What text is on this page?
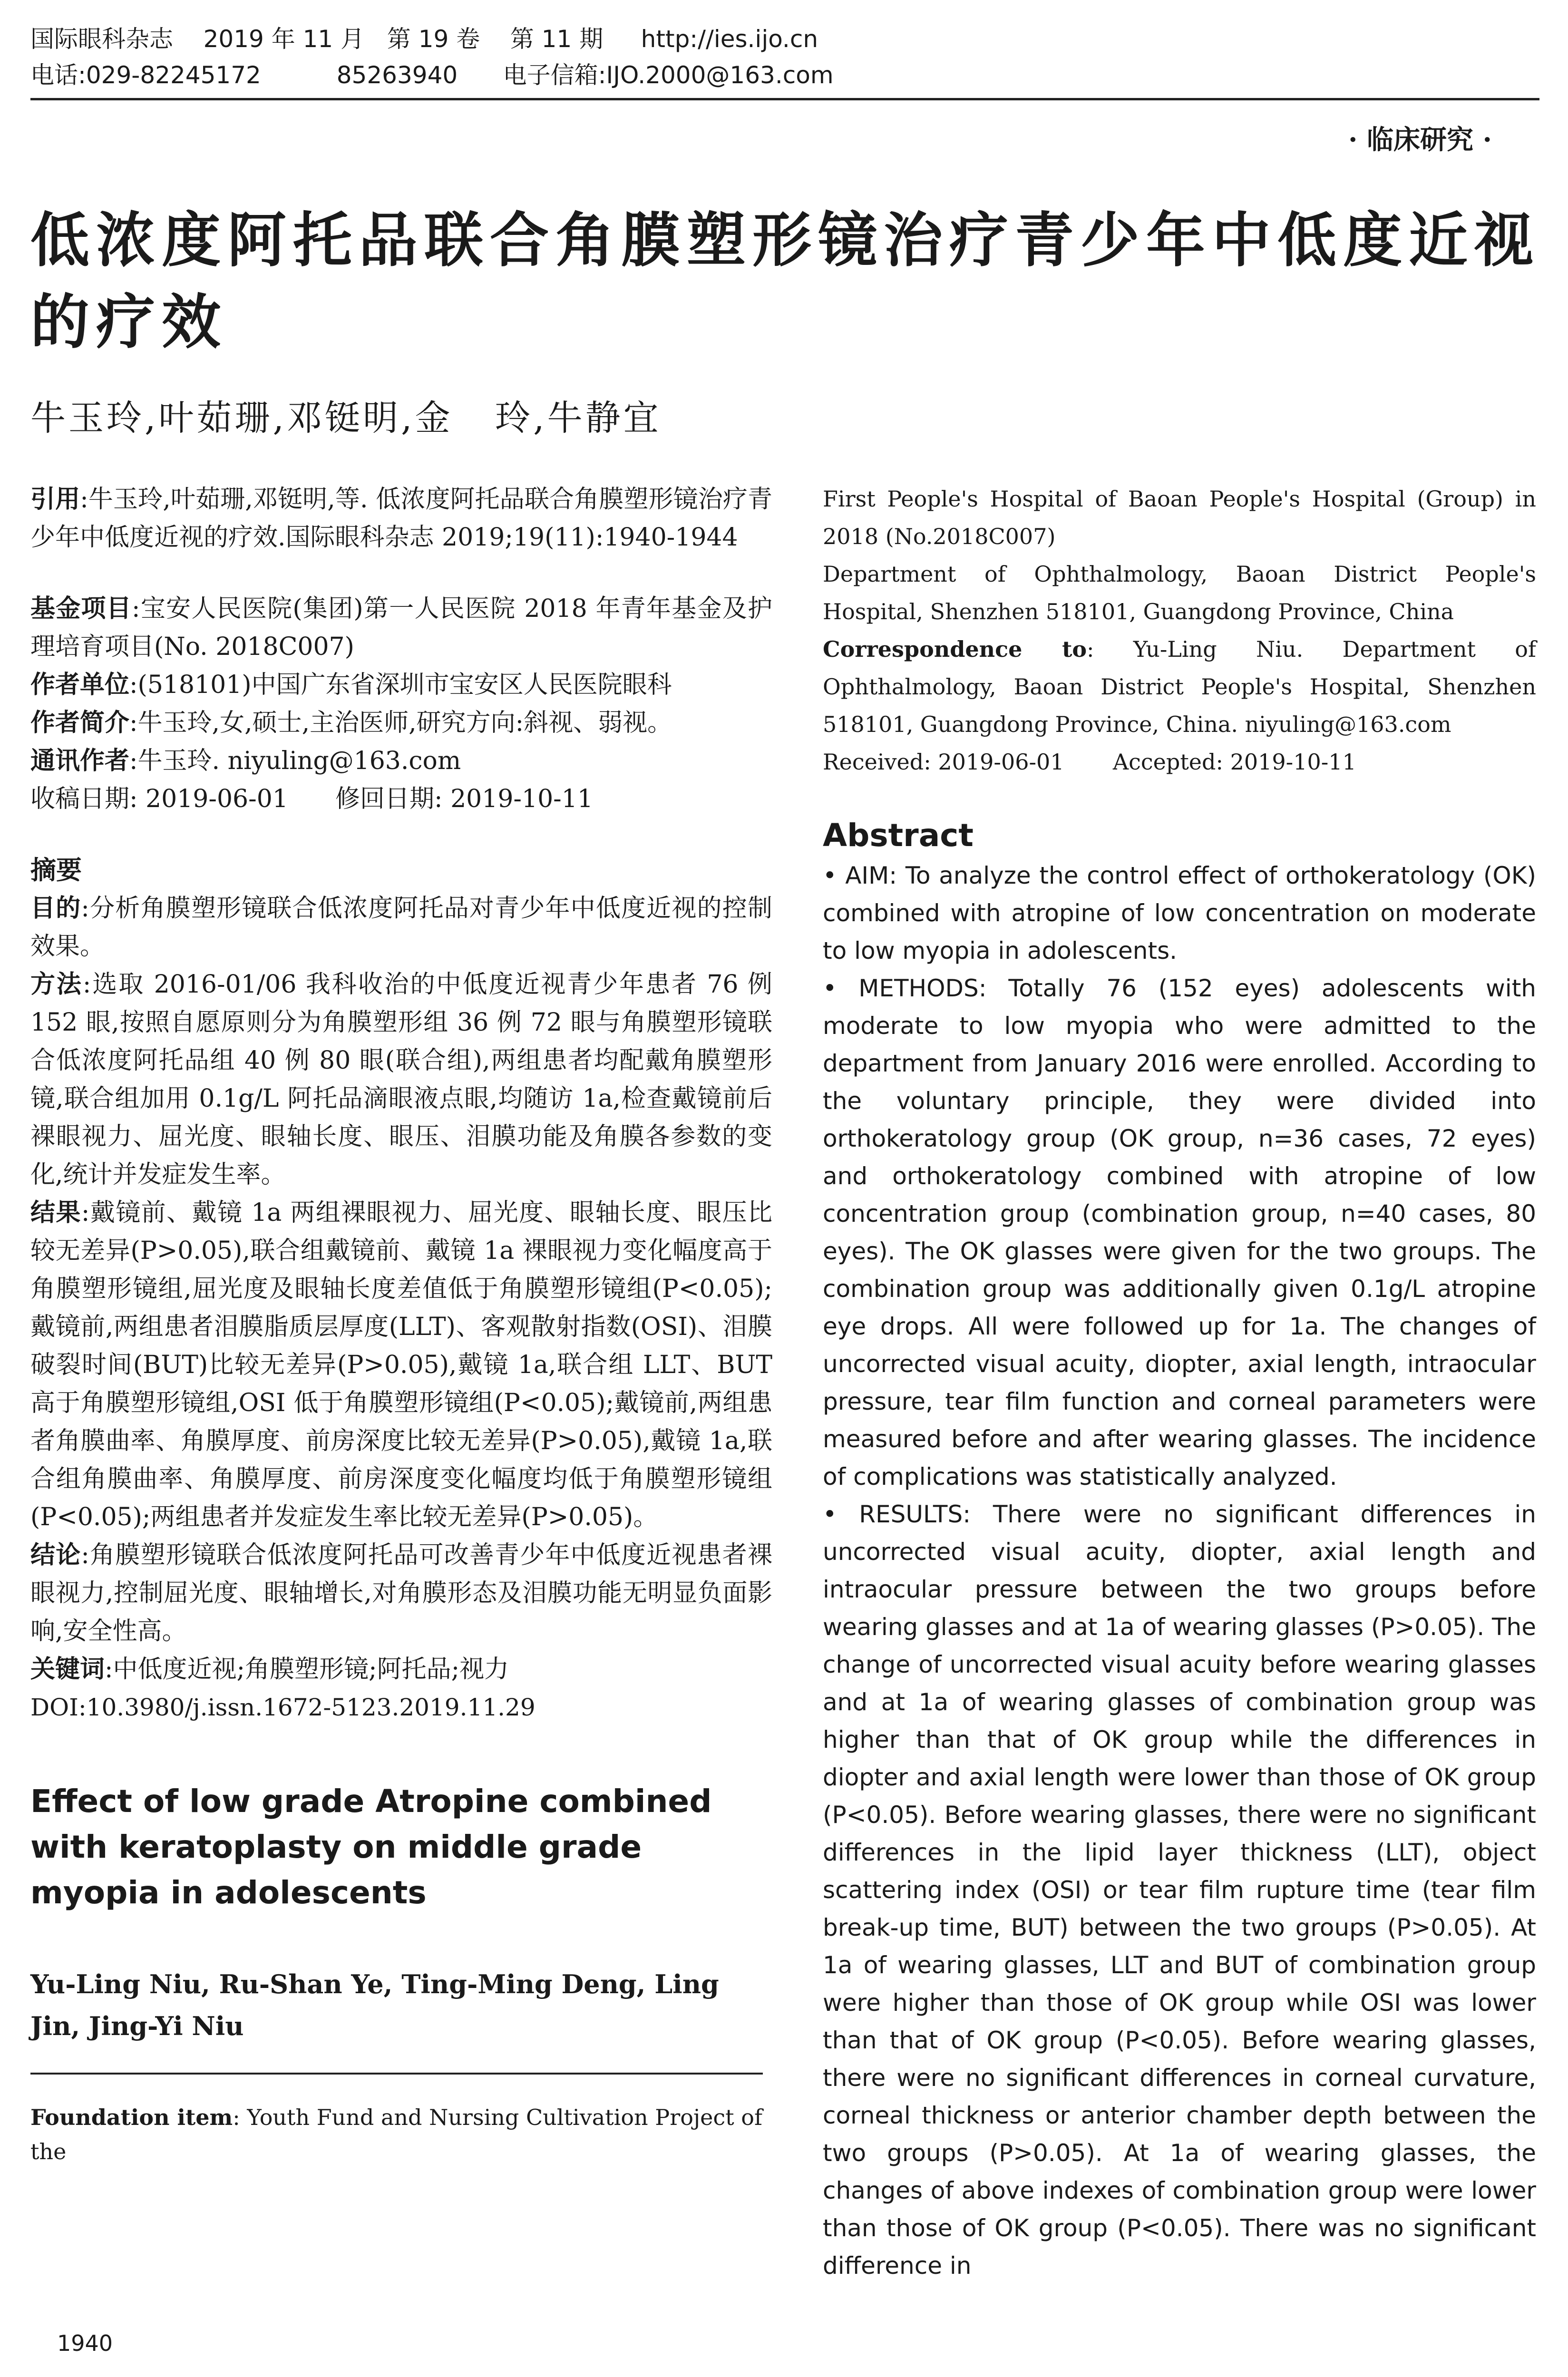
国际眼科杂志    2019 年 11 月   第 19 卷    第 11 期     http://ies.ijo.cn
电话:029-82245172          85263940      电子信箱:IJO.2000@163.com
· 临床研究 ·
低浓度阿托品联合角膜塑形镜治疗青少年中低度近视的疗效
牛玉玲,叶茹珊,邓铤明,金   玲,牛静宜

引用:牛玉玲,叶茹珊,邓铤明,等. 低浓度阿托品联合角膜塑形镜治疗青少年中低度近视的疗效.国际眼科杂志 2019;19(11):1940-1944

基金项目:宝安人民医院(集团)第一人民医院 2018 年青年基金及护理培育项目(No. 2018C007)

作者单位:(518101)中国广东省深圳市宝安区人民医院眼科

作者简介:牛玉玲,女,硕士,主治医师,研究方向:斜视、弱视。

通讯作者:牛玉玲. niyuling@163.com

收稿日期: 2019-06-01      修回日期: 2019-10-11

摘要

目的:分析角膜塑形镜联合低浓度阿托品对青少年中低度近视的控制效果。

方法:选取 2016-01/06 我科收治的中低度近视青少年患者 76 例 152 眼,按照自愿原则分为角膜塑形组 36 例 72 眼与角膜塑形镜联合低浓度阿托品组 40 例 80 眼(联合组),两组患者均配戴角膜塑形镜,联合组加用 0.1g/L 阿托品滴眼液点眼,均随访 1a,检查戴镜前后裸眼视力、屈光度、眼轴长度、眼压、泪膜功能及角膜各参数的变化,统计并发症发生率。

结果:戴镜前、戴镜 1a 两组裸眼视力、屈光度、眼轴长度、眼压比较无差异(P>0.05),联合组戴镜前、戴镜 1a 裸眼视力变化幅度高于角膜塑形镜组,屈光度及眼轴长度差值低于角膜塑形镜组(P<0.05);戴镜前,两组患者泪膜脂质层厚度(LLT)、客观散射指数(OSI)、泪膜破裂时间(BUT)比较无差异(P>0.05),戴镜 1a,联合组 LLT、BUT 高于角膜塑形镜组,OSI 低于角膜塑形镜组(P<0.05);戴镜前,两组患者角膜曲率、角膜厚度、前房深度比较无差异(P>0.05),戴镜 1a,联合组角膜曲率、角膜厚度、前房深度变化幅度均低于角膜塑形镜组(P<0.05);两组患者并发症发生率比较无差异(P>0.05)。

结论:角膜塑形镜联合低浓度阿托品可改善青少年中低度近视患者裸眼视力,控制屈光度、眼轴增长,对角膜形态及泪膜功能无明显负面影响,安全性高。

关键词:中低度近视;角膜塑形镜;阿托品;视力

DOI:10.3980/j.issn.1672-5123.2019.11.29

Effect of low grade Atropine combined with keratoplasty on middle grade myopia in adolescents

Yu-Ling Niu, Ru-Shan Ye, Ting-Ming Deng, Ling Jin, Jing-Yi Niu

Foundation item: Youth Fund and Nursing Cultivation Project of the

First People's Hospital of Baoan People's Hospital (Group) in 2018 (No.2018C007)

Department of Ophthalmology, Baoan District People's Hospital, Shenzhen 518101, Guangdong Province, China

Correspondence to: Yu-Ling Niu. Department of Ophthalmology, Baoan District People's Hospital, Shenzhen 518101, Guangdong Province, China. niyuling@163.com

Received: 2019-06-01       Accepted: 2019-10-11

Abstract

• AIM: To analyze the control effect of orthokeratology (OK) combined with atropine of low concentration on moderate to low myopia in adolescents.

• METHODS: Totally 76 (152 eyes) adolescents with moderate to low myopia who were admitted to the department from January 2016 were enrolled. According to the voluntary principle, they were divided into orthokeratology group (OK group, n=36 cases, 72 eyes) and orthokeratology combined with atropine of low concentration group (combination group, n=40 cases, 80 eyes). The OK glasses were given for the two groups. The combination group was additionally given 0.1g/L atropine eye drops. All were followed up for 1a. The changes of uncorrected visual acuity, diopter, axial length, intraocular pressure, tear film function and corneal parameters were measured before and after wearing glasses. The incidence of complications was statistically analyzed.

• RESULTS: There were no significant differences in uncorrected visual acuity, diopter, axial length and intraocular pressure between the two groups before wearing glasses and at 1a of wearing glasses (P>0.05). The change of uncorrected visual acuity before wearing glasses and at 1a of wearing glasses of combination group was higher than that of OK group while the differences in diopter and axial length were lower than those of OK group (P<0.05). Before wearing glasses, there were no significant differences in the lipid layer thickness (LLT), object scattering index (OSI) or tear film rupture time (tear film break-up time, BUT) between the two groups (P>0.05). At 1a of wearing glasses, LLT and BUT of combination group were higher than those of OK group while OSI was lower than that of OK group (P<0.05). Before wearing glasses, there were no significant differences in corneal curvature, corneal thickness or anterior chamber depth between the two groups (P>0.05). At 1a of wearing glasses, the changes of above indexes of combination group were lower than those of OK group (P<0.05). There was no significant difference in

1940
